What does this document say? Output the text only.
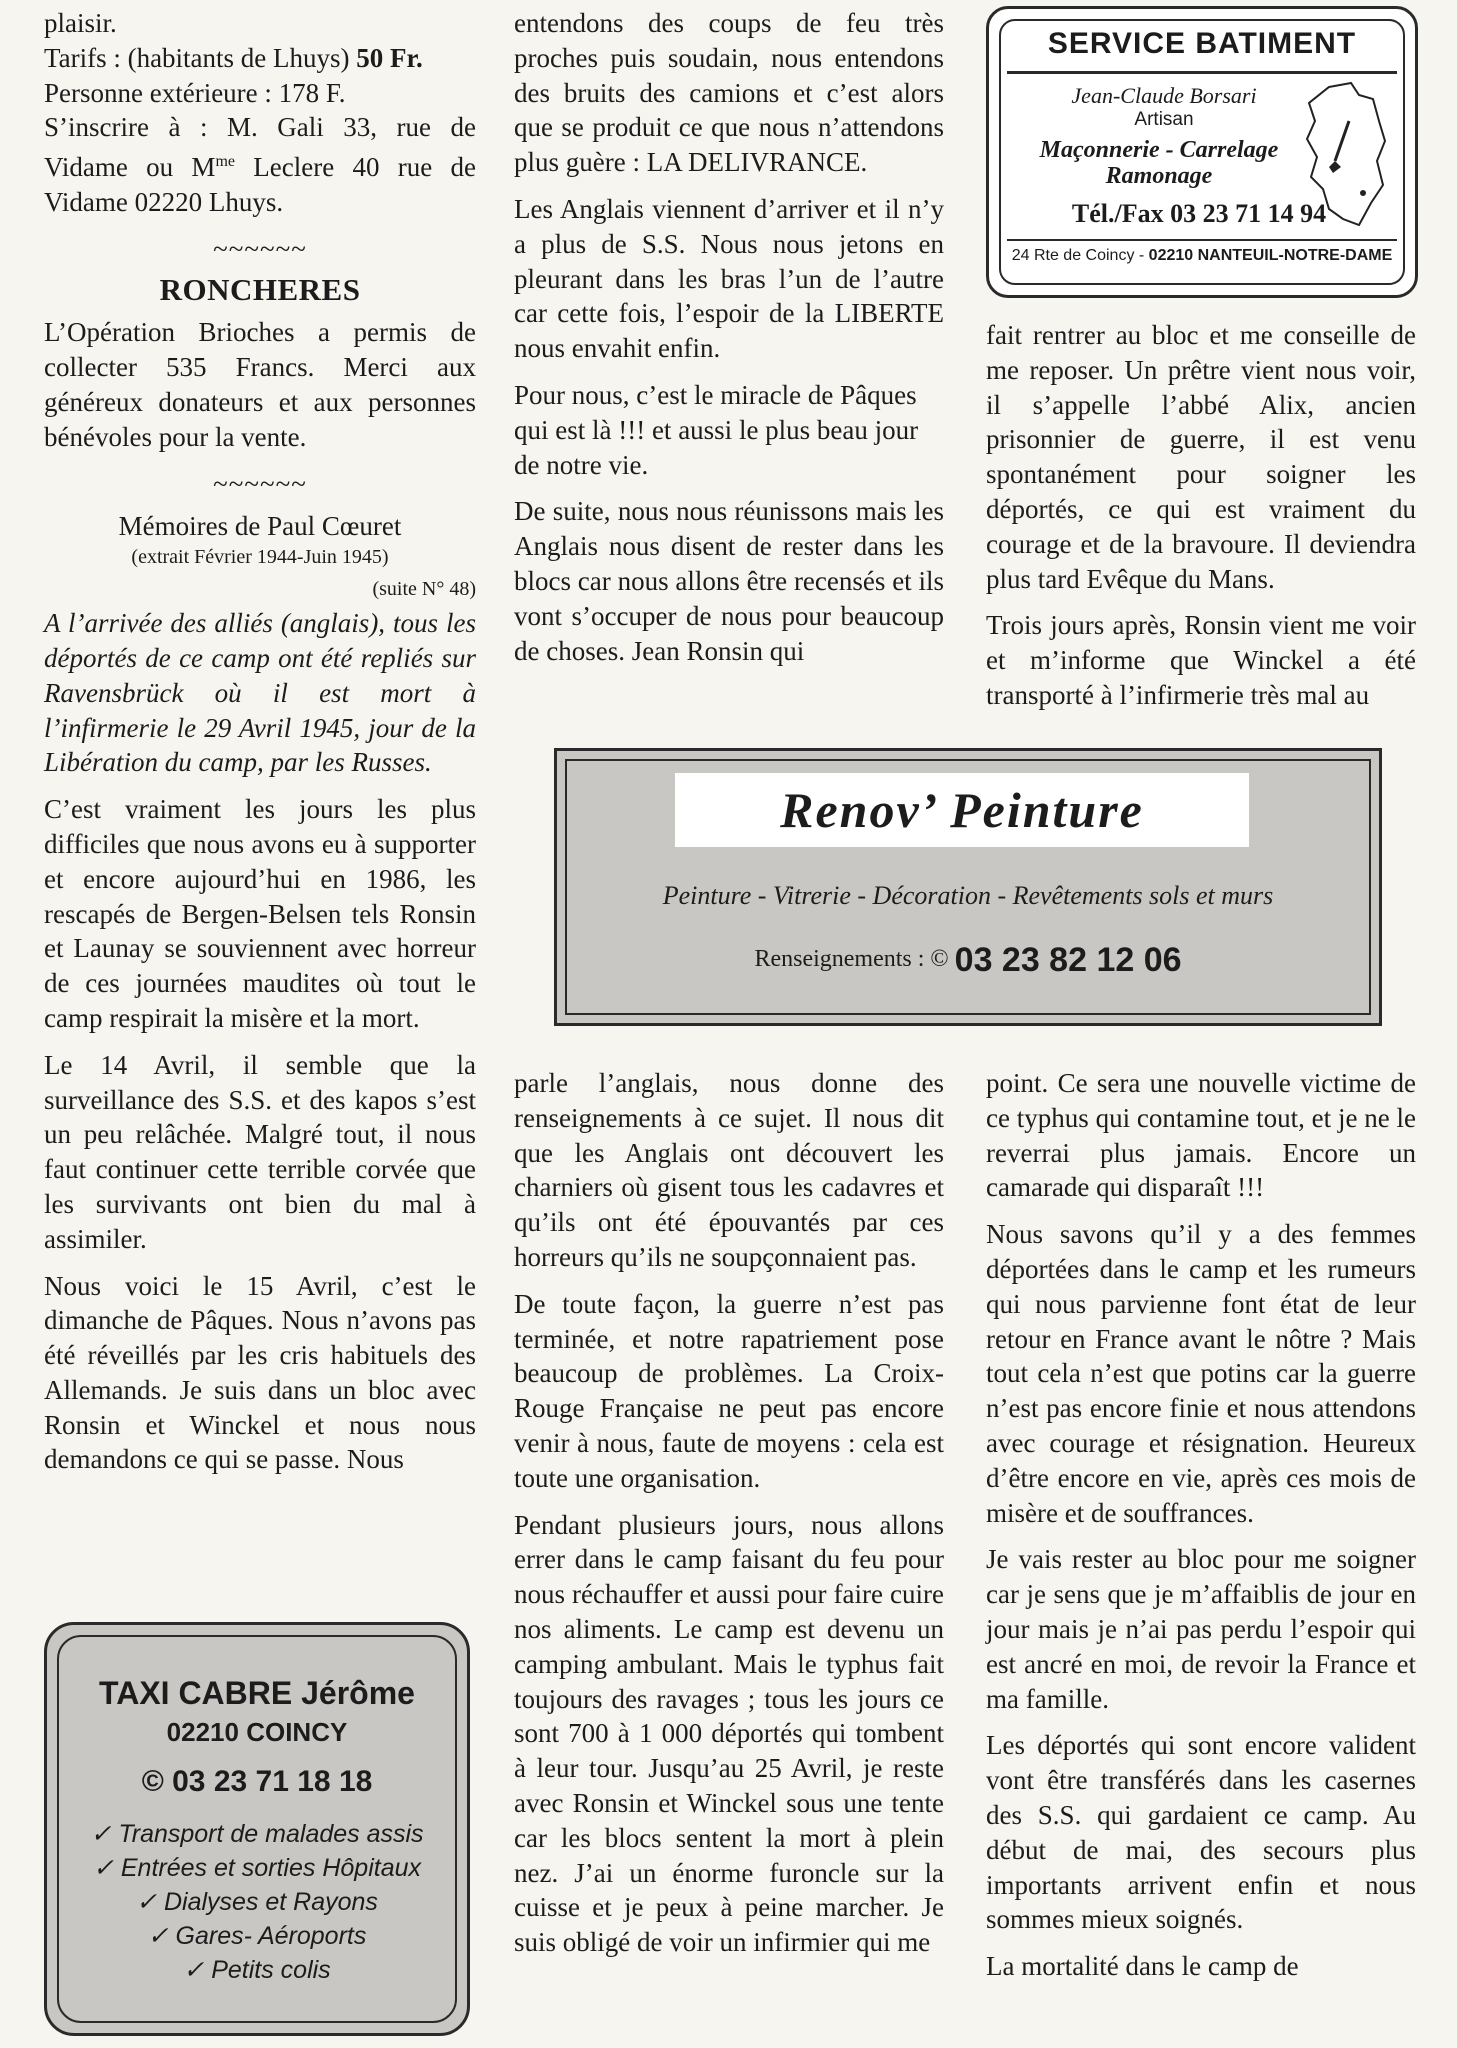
plaisir.

Tarifs : (habitants de Lhuys) 50 Fr.

Personne extérieure : 178 F.

S’inscrire à : M. Gali 33, rue de Vidame ou $M^{me}$ Leclere 40 rue de Vidame 02220 Lhuys.

~~~~~~
RONCHERES

L’Opération Brioches a permis de collecter 535 Francs. Merci aux généreux donateurs et aux personnes bénévoles pour la vente.

~~~~~~
Mémoires de Paul Cœuret
(extrait Février 1944-Juin 1945)
(suite N° 48)

A l’arrivée des alliés (anglais), tous les déportés de ce camp ont été repliés sur Ravensbrück où il est mort à l’infirmerie le 29 Avril 1945, jour de la Libération du camp, par les Russes.

C’est vraiment les jours les plus difficiles que nous avons eu à supporter et encore aujourd’hui en 1986, les rescapés de Bergen-Belsen tels Ronsin et Launay se souviennent avec horreur de ces journées maudites où tout le camp respirait la misère et la mort.

Le 14 Avril, il semble que la surveillance des S.S. et des kapos s’est un peu relâchée. Malgré tout, il nous faut continuer cette terrible corvée que les survivants ont bien du mal à assimiler.

Nous voici le 15 Avril, c’est le dimanche de Pâques. Nous n’avons pas été réveillés par les cris habituels des Allemands. Je suis dans un bloc avec Ronsin et Winckel et nous nous demandons ce qui se passe. Nous

entendons des coups de feu très proches puis soudain, nous entendons des bruits des camions et c’est alors que se produit ce que nous n’attendons plus guère : LA DELIVRANCE.

Les Anglais viennent d’arriver et il n’y a plus de S.S. Nous nous jetons en pleurant dans les bras l’un de l’autre car cette fois, l’espoir de la LIBERTE nous envahit enfin.

Pour nous, c’est le miracle de Pâques qui est là !!! et aussi le plus beau jour de notre vie.

De suite, nous nous réunissons mais les Anglais nous disent de rester dans les blocs car nous allons être recensés et ils vont s’occuper de nous pour beaucoup de choses. Jean Ronsin qui

fait rentrer au bloc et me conseille de me reposer. Un prêtre vient nous voir, il s’appelle l’abbé Alix, ancien prisonnier de guerre, il est venu spontanément pour soigner les déportés, ce qui est vraiment du courage et de la bravoure. Il deviendra plus tard Evêque du Mans.

Trois jours après, Ronsin vient me voir et m’informe que Winckel a été transporté à l’infirmerie très mal au

parle l’anglais, nous donne des renseignements à ce sujet. Il nous dit que les Anglais ont découvert les charniers où gisent tous les cadavres et qu’ils ont été épouvantés par ces horreurs qu’ils ne soupçonnaient pas.

De toute façon, la guerre n’est pas terminée, et notre rapatriement pose beaucoup de problèmes. La Croix-Rouge Française ne peut pas encore venir à nous, faute de moyens : cela est toute une organisation.

Pendant plusieurs jours, nous allons errer dans le camp faisant du feu pour nous réchauffer et aussi pour faire cuire nos aliments. Le camp est devenu un camping ambulant. Mais le typhus fait toujours des ravages ; tous les jours ce sont 700 à 1 000 déportés qui tombent à leur tour. Jusqu’au 25 Avril, je reste avec Ronsin et Winckel sous une tente car les blocs sentent la mort à plein nez. J’ai un énorme furoncle sur la cuisse et je peux à peine marcher. Je suis obligé de voir un infirmier qui me

point. Ce sera une nouvelle victime de ce typhus qui contamine tout, et je ne le reverrai plus jamais. Encore un camarade qui disparaît !!!

Nous savons qu’il y a des femmes déportées dans le camp et les rumeurs qui nous parvienne font état de leur retour en France avant le nôtre ? Mais tout cela n’est que potins car la guerre n’est pas encore finie et nous attendons avec courage et résignation. Heureux d’être encore en vie, après ces mois de misère et de souffrances.

Je vais rester au bloc pour me soigner car je sens que je m’affaiblis de jour en jour mais je n’ai pas perdu l’espoir qui est ancré en moi, de revoir la France et ma famille.

Les déportés qui sont encore valident vont être transférés dans les casernes des S.S. qui gardaient ce camp. Au début de mai, des secours plus importants arrivent enfin et nous sommes mieux soignés.

La mortalité dans le camp de

SERVICE BATIMENT
Jean-Claude Borsari
Artisan
Maçonnerie - Carrelage
Ramonage
Tél./Fax 03 23 71 14 94
24 Rte de Coincy - 02210 NANTEUIL-NOTRE-DAME
Renov’ Peinture
Peinture - Vitrerie - Décoration - Revêtements sols et murs
Renseignements : © 03 23 82 12 06
TAXI CABRE Jérôme
02210 COINCY
© 03 23 71 18 18
✓ Transport de malades assis
✓ Entrées et sorties Hôpitaux
✓ Dialyses et Rayons
✓ Gares- Aéroports
✓ Petits colis
